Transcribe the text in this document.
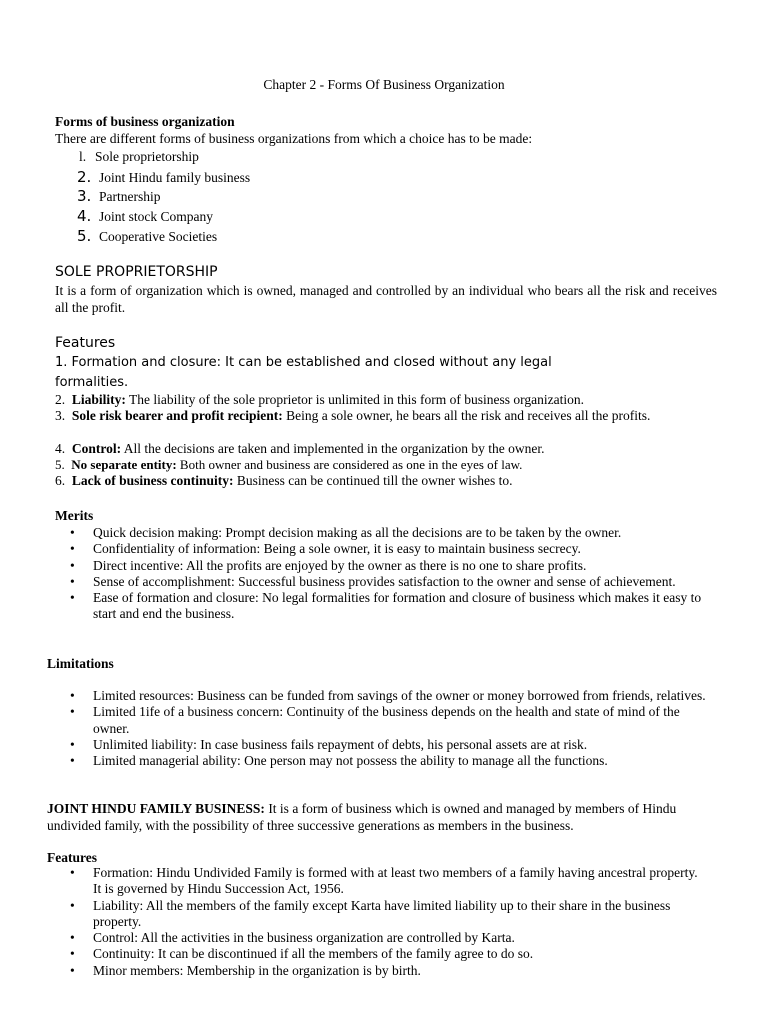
Chapter 2 - Forms Of Business Organization
Forms of business organization
There are different forms of business organizations from which a choice has to be made:
l. Sole proprietorship
2. Joint Hindu family business
3. Partnership
4. Joint stock Company
5. Cooperative Societies
SOLE PROPRIETORSHIP
It is a form of organization which is owned, managed and controlled by an individual who bears all the risk and receives all the profit.
Features
1. Formation and closure: It can be established and closed without any legal
formalities.
2. Liability: The liability of the sole proprietor is unlimited in this form of business organization.
3. Sole risk bearer and profit recipient: Being a sole owner, he bears all the risk and receives all the profits.
4. Control: All the decisions are taken and implemented in the organization by the owner.
5. No separate entity: Both owner and business are considered as one in the eyes of law.
6. Lack of business continuity: Business can be continued till the owner wishes to.
Merits
• Quick decision making: Prompt decision making as all the decisions are to be taken by the owner.
• Confidentiality of information: Being a sole owner, it is easy to maintain business secrecy.
• Direct incentive: All the profits are enjoyed by the owner as there is no one to share profits.
• Sense of accomplishment: Successful business provides satisfaction to the owner and sense of achievement.
• Ease of formation and closure: No legal formalities for formation and closure of business which makes it easy to start and end the business.
Limitations
• Limited resources: Business can be funded from savings of the owner or money borrowed from friends, relatives.
• Limited 1ife of a business concern: Continuity of the business depends on the health and state of mind of the owner.
• Unlimited liability: In case business fails repayment of debts, his personal assets are at risk.
• Limited managerial ability: One person may not possess the ability to manage all the functions.
JOINT HINDU FAMILY BUSINESS: It is a form of business which is owned and managed by members of Hindu undivided family, with the possibility of three successive generations as members in the business.
Features
• Formation: Hindu Undivided Family is formed with at least two members of a family having ancestral property. It is governed by Hindu Succession Act, 1956.
• Liability: All the members of the family except Karta have limited liability up to their share in the business property.
• Control: All the activities in the business organization are controlled by Karta.
• Continuity: It can be discontinued if all the members of the family agree to do so.
• Minor members: Membership in the organization is by birth.
